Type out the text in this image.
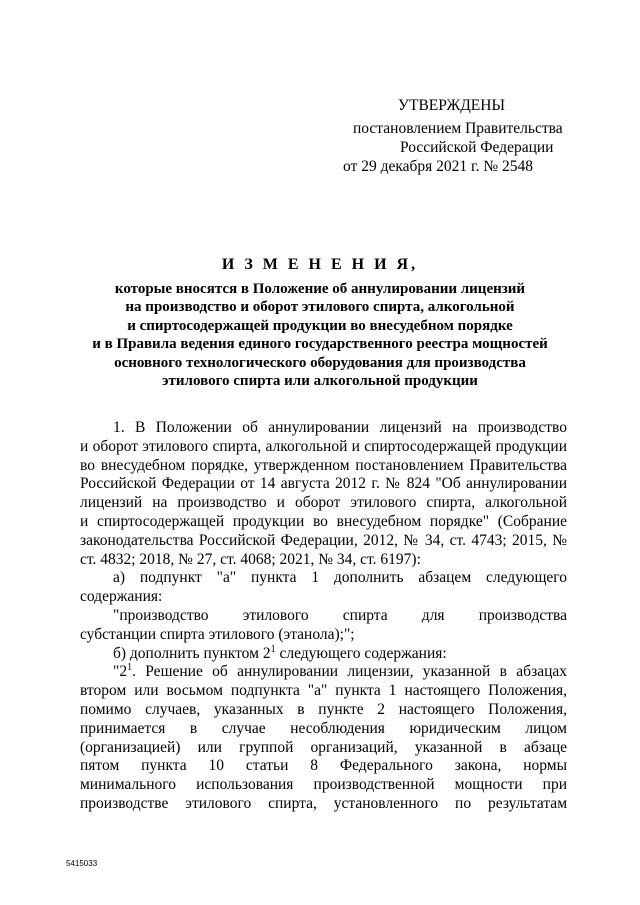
УТВЕРЖДЕНЫ
постановлением Правительства
Российской Федерации
от 29 декабря 2021 г. № 2548
И З М Е Н Е Н И Я,
которые вносятся в Положение об аннулировании лицензий
на производство и оборот этилового спирта, алкогольной
и спиртосодержащей продукции во внесудебном порядке
и в Правила ведения единого государственного реестра мощностей
основного технологического оборудования для производства
этилового спирта или алкогольной продукции
1. В Положении об аннулировании лицензий на производство
и оборот этилового спирта, алкогольной и спиртосодержащей продукции
во внесудебном порядке, утвержденном постановлением Правительства
Российской Федерации от 14 августа 2012 г. № 824 "Об аннулировании
лицензий на производство и оборот этилового спирта, алкогольной
и спиртосодержащей продукции во внесудебном порядке" (Собрание
законодательства Российской Федерации, 2012, № 34, ст. 4743; 2015, №
ст. 4832; 2018, № 27, ст. 4068; 2021, № 34, ст. 6197):
а) подпункт "а" пункта 1 дополнить абзацем следующего
содержания:
"производство этилового спирта для производства
субстанции спирта этилового (этанола);";
б) дополнить пунктом $2^1$ следующего содержания:
"$2^1$. Решение об аннулировании лицензии, указанной в абзацах
втором или восьмом подпункта "а" пункта 1 настоящего Положения,
помимо случаев, указанных в пункте 2 настоящего Положения,
принимается в случае несоблюдения юридическим лицом
(организацией) или группой организаций, указанной в абзаце
пятом пункта 10 статьи 8 Федерального закона, нормы
минимального использования производственной мощности при
производстве этилового спирта, установленного по результатам
5415033
